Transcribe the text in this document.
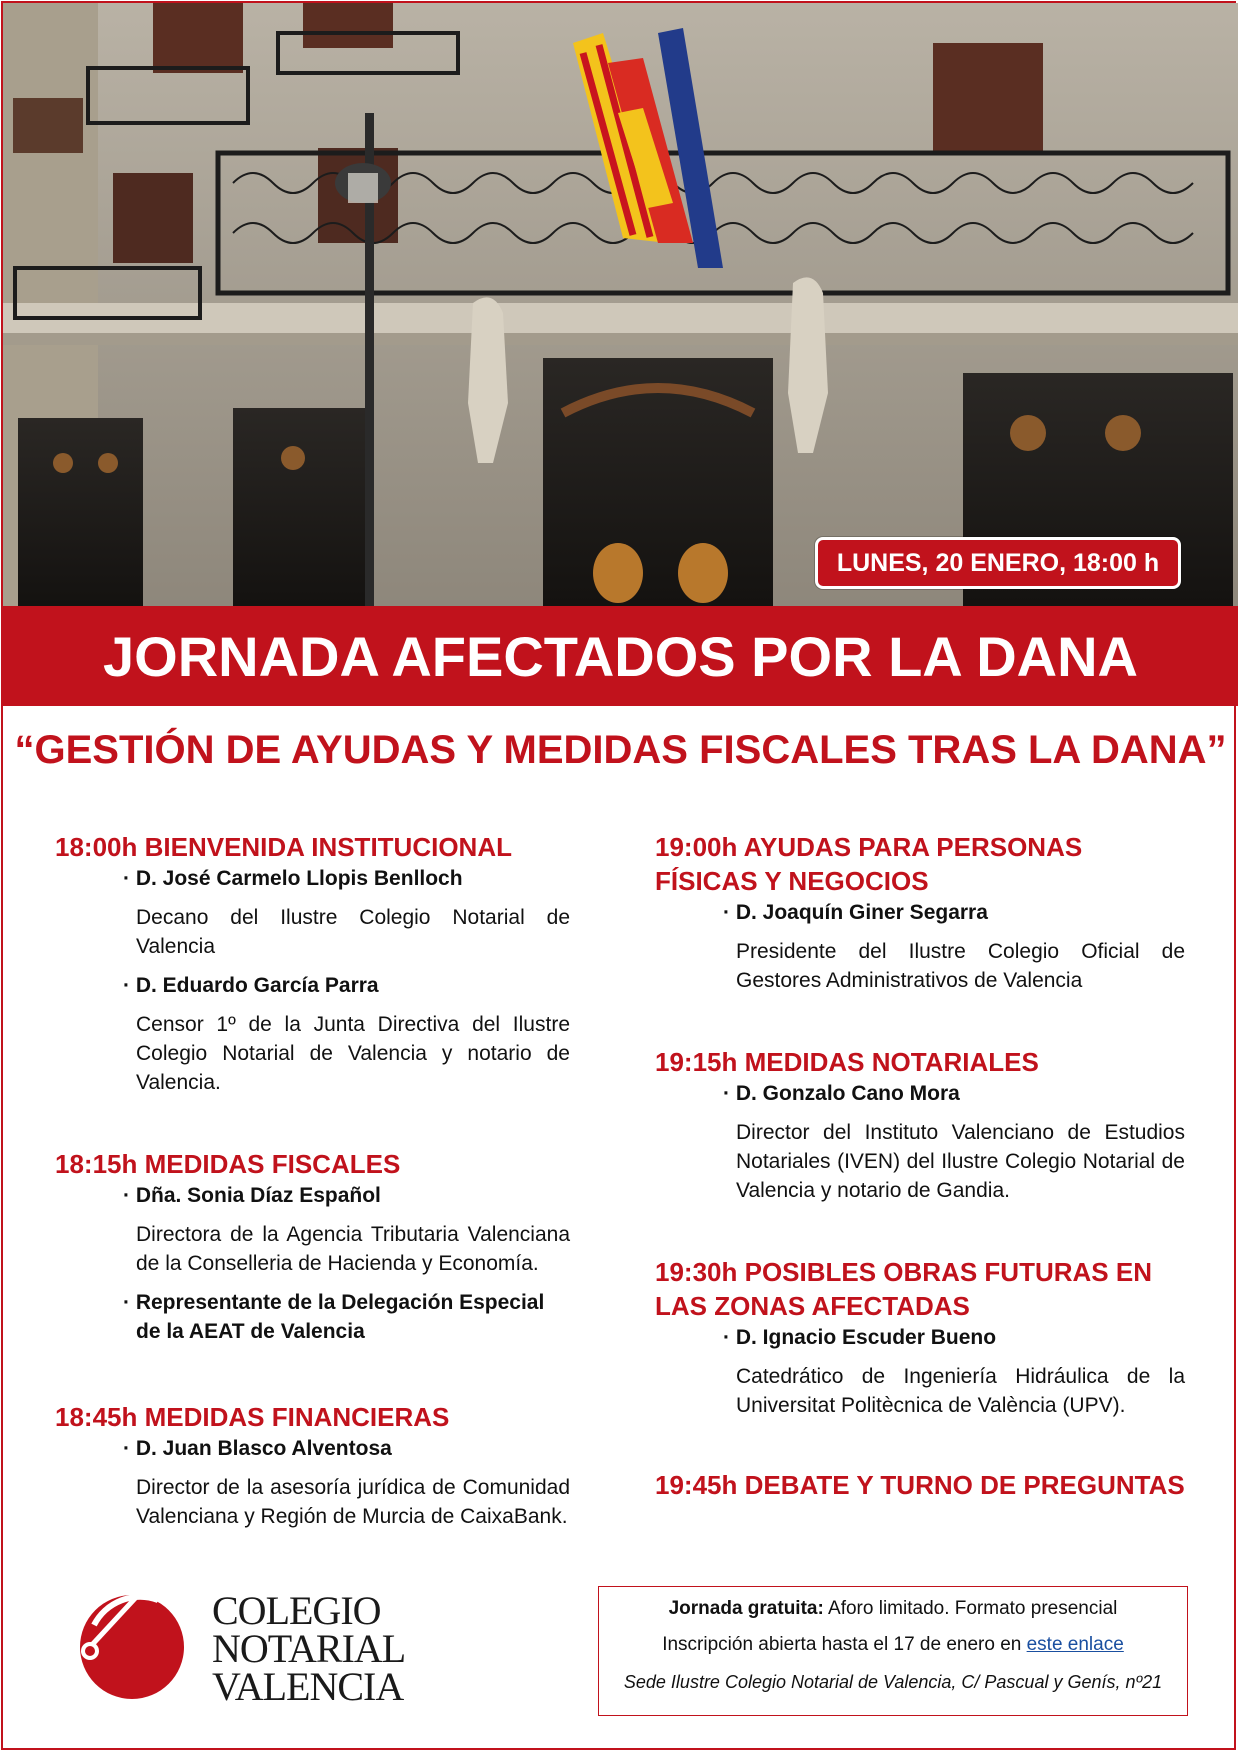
LUNES, 20 ENERO, 18:00 h
JORNADA AFECTADOS POR LA DANA
“GESTIÓN DE AYUDAS Y MEDIDAS FISCALES TRAS LA DANA”
18:00h BIENVENIDA INSTITUCIONAL
· D. José Carmelo Llopis Benlloch
Decano del Ilustre Colegio Notarial de Valencia
· D. Eduardo García Parra
Censor 1º de la Junta Directiva del Ilustre Colegio Notarial de Valencia y notario de Valencia.
18:15h MEDIDAS FISCALES
· Dña. Sonia Díaz Español
Directora de la Agencia Tributaria Valenciana de la Conselleria de Hacienda y Economía.
· Representante de la Delegación Especial de la AEAT de Valencia
18:45h MEDIDAS FINANCIERAS
· D. Juan Blasco Alventosa
Director de la asesoría jurídica de Comunidad Valenciana y Región de Murcia de CaixaBank.
19:00h AYUDAS PARA PERSONAS FÍSICAS Y NEGOCIOS
· D. Joaquín Giner Segarra
Presidente del Ilustre Colegio Oficial de Gestores Administrativos de Valencia
19:15h MEDIDAS NOTARIALES
· D. Gonzalo Cano Mora
Director del Instituto Valenciano de Estudios Notariales (IVEN) del Ilustre Colegio Notarial de Valencia y notario de Gandia.
19:30h POSIBLES OBRAS FUTURAS EN LAS ZONAS AFECTADAS
· D. Ignacio Escuder Bueno
Catedrático de Ingeniería Hidráulica de la Universitat Politècnica de València (UPV).
19:45h DEBATE Y TURNO DE PREGUNTAS
COLEGIO
NOTARIAL
VALENCIA
Jornada gratuita: Aforo limitado. Formato presencial
Inscripción abierta hasta el 17 de enero en este enlace
Sede Ilustre Colegio Notarial de Valencia, C/ Pascual y Genís, nº21
